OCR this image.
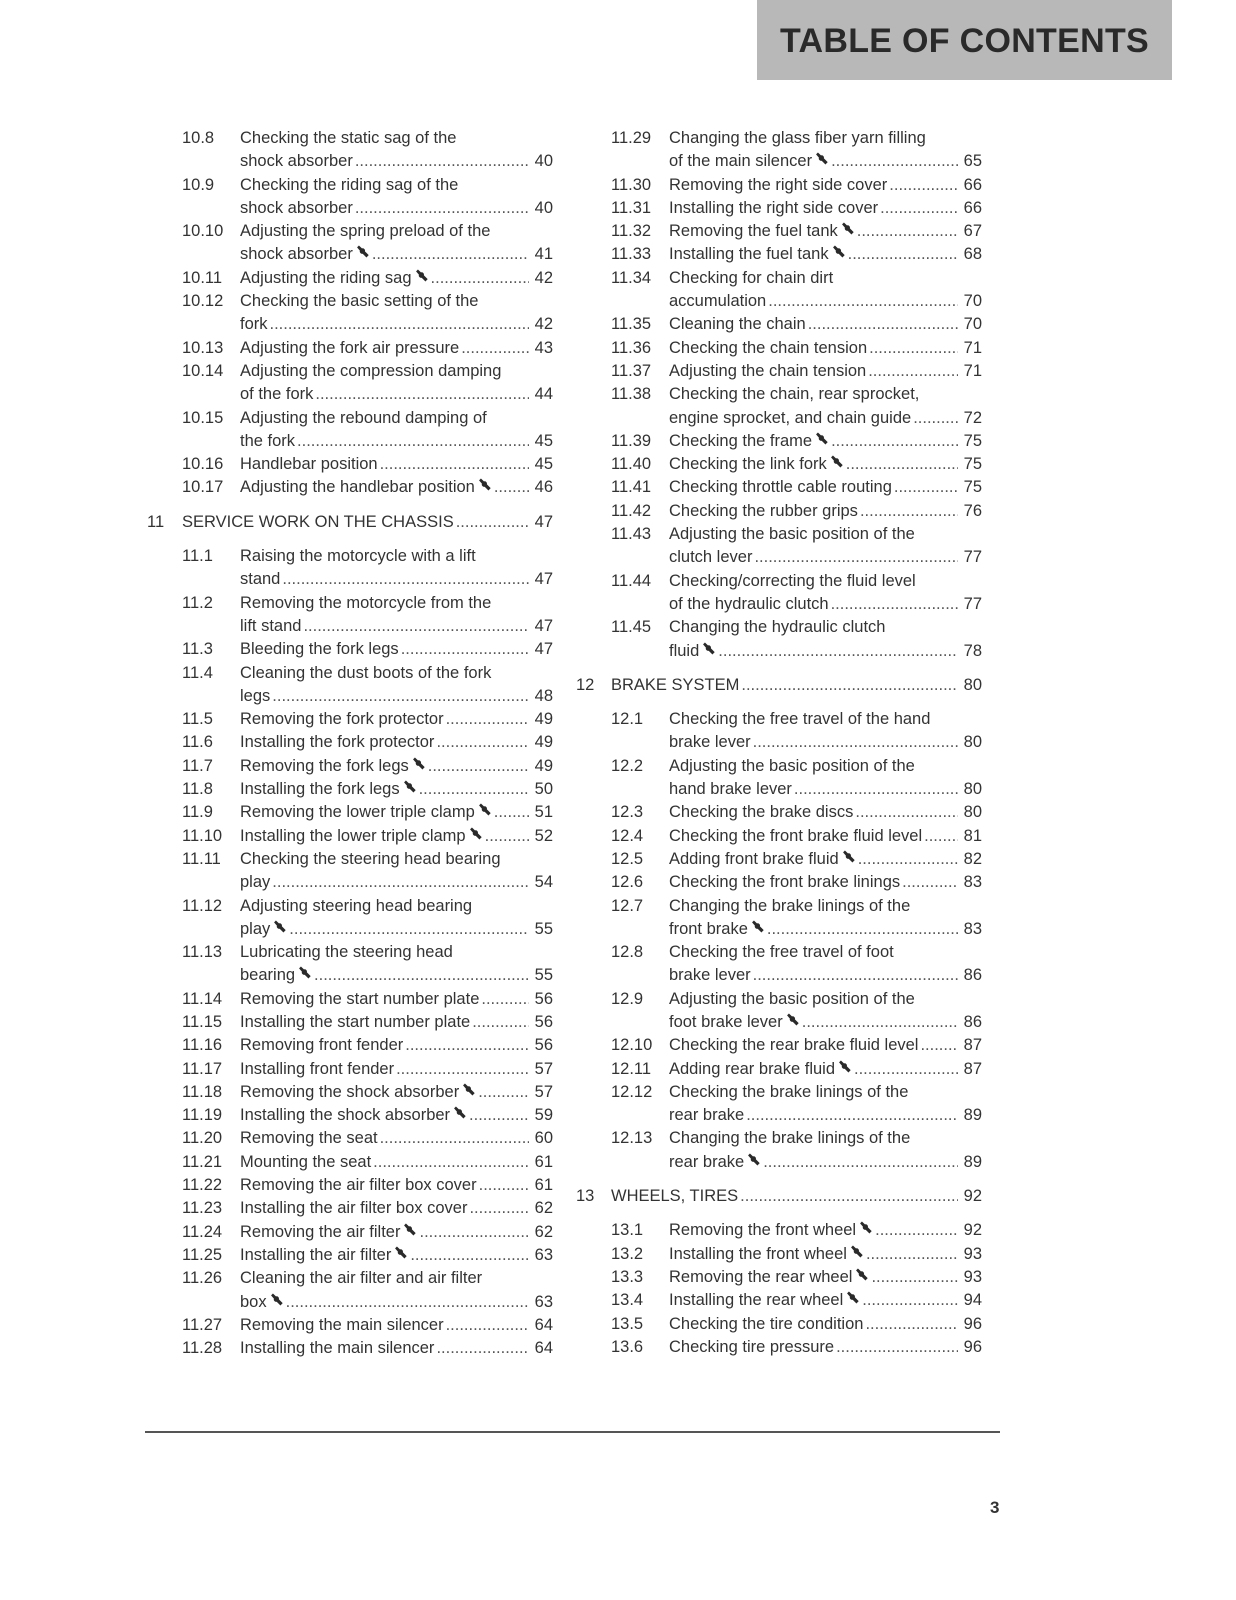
TABLE OF CONTENTS
10.8 Checking the static sag of the
shock absorber .....	40
10.9 Checking the riding sag of the
shock absorber .....	40
10.10 Adjusting the spring preload of the
shock absorber .....	41
10.11 Adjusting the riding sag .....	42
10.12 Checking the basic setting of the
fork .....	42
10.13 Adjusting the fork air pressure .....	43
10.14 Adjusting the compression damping
of the fork .....	44
10.15 Adjusting the rebound damping of
the fork .....	45
10.16 Handlebar position .....	45
10.17 Adjusting the handlebar position .....	46
11 SERVICE WORK ON THE CHASSIS .....	47
11.1 Raising the motorcycle with a lift
stand .....	47
11.2 Removing the motorcycle from the
lift stand .....	47
11.3 Bleeding the fork legs .....	47
11.4 Cleaning the dust boots of the fork
legs .....	48
11.5 Removing the fork protector .....	49
11.6 Installing the fork protector .....	49
11.7 Removing the fork legs .....	49
11.8 Installing the fork legs .....	50
11.9 Removing the lower triple clamp .....	51
11.10 Installing the lower triple clamp .....	52
11.11 Checking the steering head bearing
play .....	54
11.12 Adjusting steering head bearing
play .....	55
11.13 Lubricating the steering head
bearing .....	55
11.14 Removing the start number plate .....	56
11.15 Installing the start number plate .....	56
11.16 Removing front fender .....	56
11.17 Installing front fender .....	57
11.18 Removing the shock absorber .....	57
11.19 Installing the shock absorber .....	59
11.20 Removing the seat .....	60
11.21 Mounting the seat .....	61
11.22 Removing the air filter box cover .....	61
11.23 Installing the air filter box cover .....	62
11.24 Removing the air filter .....	62
11.25 Installing the air filter .....	63
11.26 Cleaning the air filter and air filter
box .....	63
11.27 Removing the main silencer .....	64
11.28 Installing the main silencer .....	64
11.29 Changing the glass fiber yarn filling
of the main silencer .....	65
11.30 Removing the right side cover .....	66
11.31 Installing the right side cover .....	66
11.32 Removing the fuel tank .....	67
11.33 Installing the fuel tank .....	68
11.34 Checking for chain dirt
accumulation .....	70
11.35 Cleaning the chain .....	70
11.36 Checking the chain tension .....	71
11.37 Adjusting the chain tension .....	71
11.38 Checking the chain, rear sprocket,
engine sprocket, and chain guide .....	72
11.39 Checking the frame .....	75
11.40 Checking the link fork .....	75
11.41 Checking throttle cable routing .....	75
11.42 Checking the rubber grips .....	76
11.43 Adjusting the basic position of the
clutch lever .....	77
11.44 Checking/correcting the fluid level
of the hydraulic clutch .....	77
11.45 Changing the hydraulic clutch
fluid .....	78
12 BRAKE SYSTEM .....	80
12.1 Checking the free travel of the hand
brake lever .....	80
12.2 Adjusting the basic position of the
hand brake lever .....	80
12.3 Checking the brake discs .....	80
12.4 Checking the front brake fluid level .....	81
12.5 Adding front brake fluid .....	82
12.6 Checking the front brake linings .....	83
12.7 Changing the brake linings of the
front brake .....	83
12.8 Checking the free travel of foot
brake lever .....	86
12.9 Adjusting the basic position of the
foot brake lever .....	86
12.10 Checking the rear brake fluid level .....	87
12.11 Adding rear brake fluid .....	87
12.12 Checking the brake linings of the
rear brake .....	89
12.13 Changing the brake linings of the
rear brake .....	89
13 WHEELS, TIRES .....	92
13.1 Removing the front wheel .....	92
13.2 Installing the front wheel .....	93
13.3 Removing the rear wheel .....	93
13.4 Installing the rear wheel .....	94
13.5 Checking the tire condition .....	96
13.6 Checking tire pressure .....	96
3
